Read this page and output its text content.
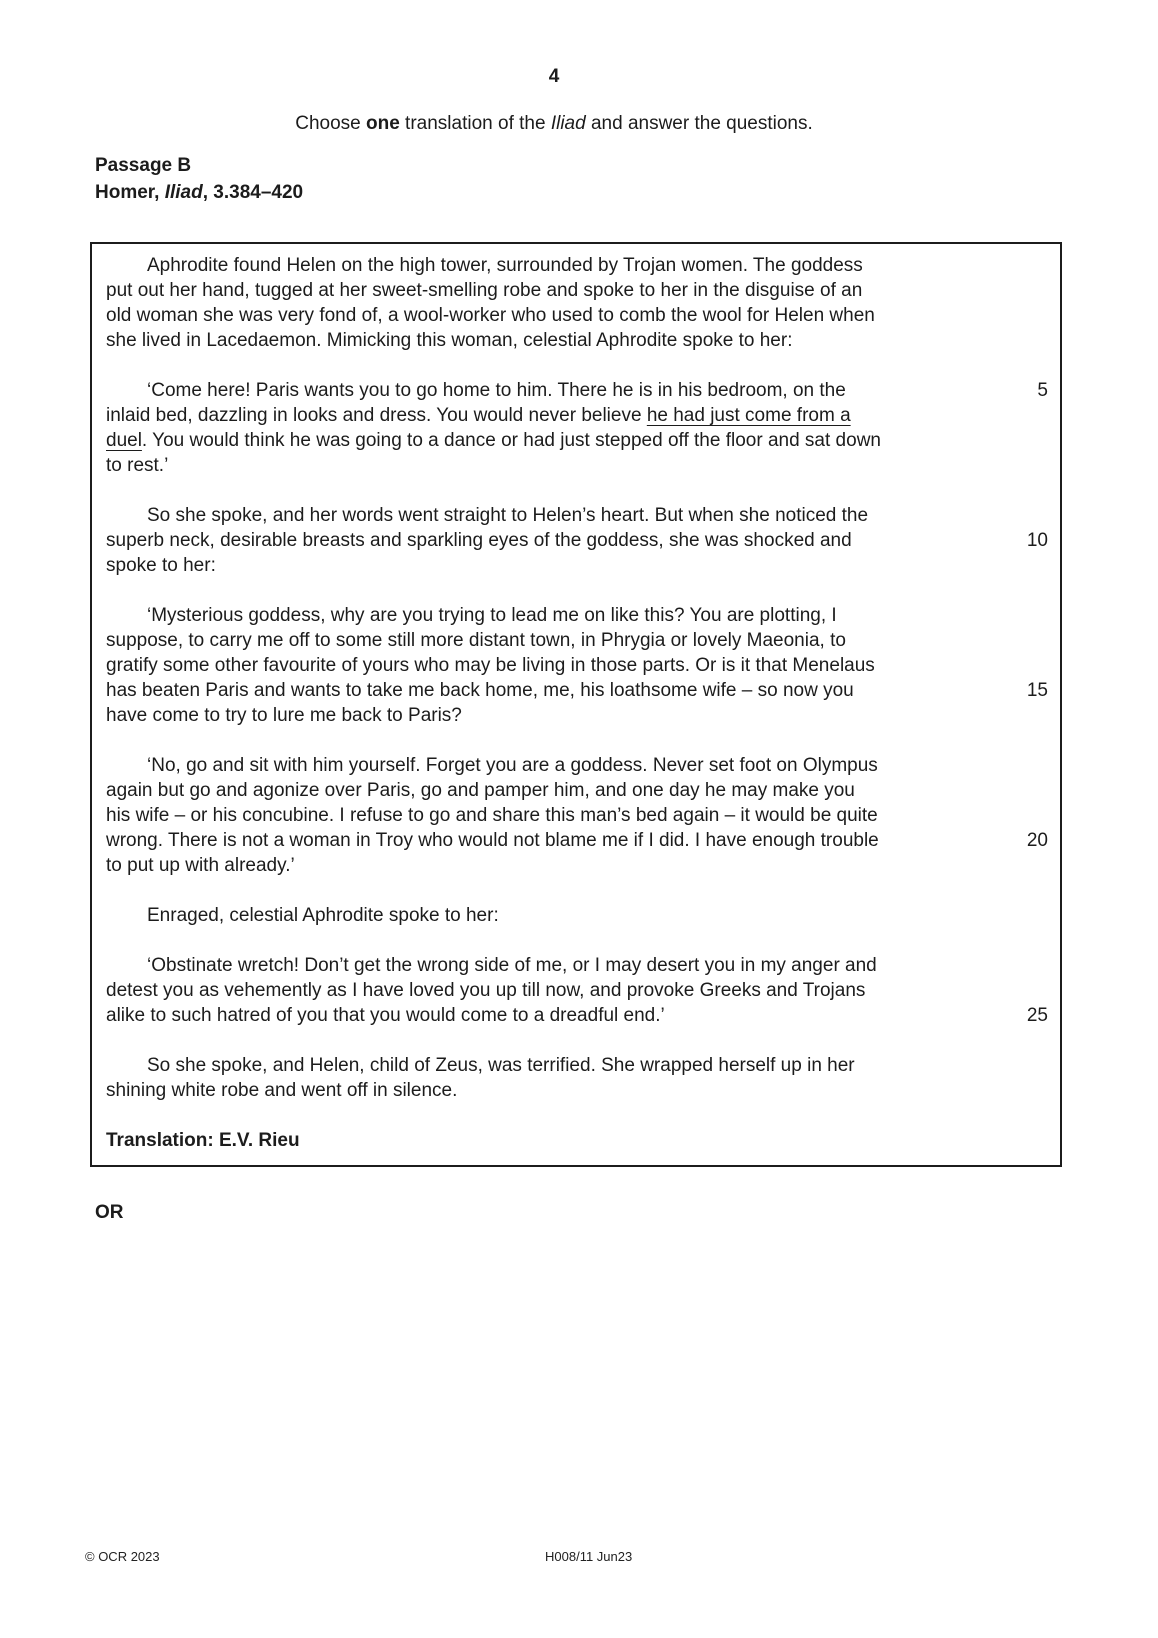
4
Choose one translation of the Iliad and answer the questions.
Passage B
Homer, Iliad, 3.384–420
Aphrodite found Helen on the high tower, surrounded by Trojan women. The goddess
put out her hand, tugged at her sweet-smelling robe and spoke to her in the disguise of an
old woman she was very fond of, a wool-worker who used to comb the wool for Helen when
she lived in Lacedaemon. Mimicking this woman, celestial Aphrodite spoke to her:
‘Come here! Paris wants you to go home to him. There he is in his bedroom, on the	5
inlaid bed, dazzling in looks and dress. You would never believe he had just come from a
duel. You would think he was going to a dance or had just stepped off the floor and sat down
to rest.’
So she spoke, and her words went straight to Helen’s heart. But when she noticed the
superb neck, desirable breasts and sparkling eyes of the goddess, she was shocked and	10
spoke to her:
‘Mysterious goddess, why are you trying to lead me on like this? You are plotting, I
suppose, to carry me off to some still more distant town, in Phrygia or lovely Maeonia, to
gratify some other favourite of yours who may be living in those parts. Or is it that Menelaus
has beaten Paris and wants to take me back home, me, his loathsome wife – so now you	15
have come to try to lure me back to Paris?
‘No, go and sit with him yourself. Forget you are a goddess. Never set foot on Olympus
again but go and agonize over Paris, go and pamper him, and one day he may make you
his wife – or his concubine. I refuse to go and share this man’s bed again – it would be quite
wrong. There is not a woman in Troy who would not blame me if I did. I have enough trouble	20
to put up with already.’
Enraged, celestial Aphrodite spoke to her:
‘Obstinate wretch! Don’t get the wrong side of me, or I may desert you in my anger and
detest you as vehemently as I have loved you up till now, and provoke Greeks and Trojans
alike to such hatred of you that you would come to a dreadful end.’	25
So she spoke, and Helen, child of Zeus, was terrified. She wrapped herself up in her
shining white robe and went off in silence.
Translation: E.V. Rieu
OR
© OCR 2023	H008/11 Jun23
